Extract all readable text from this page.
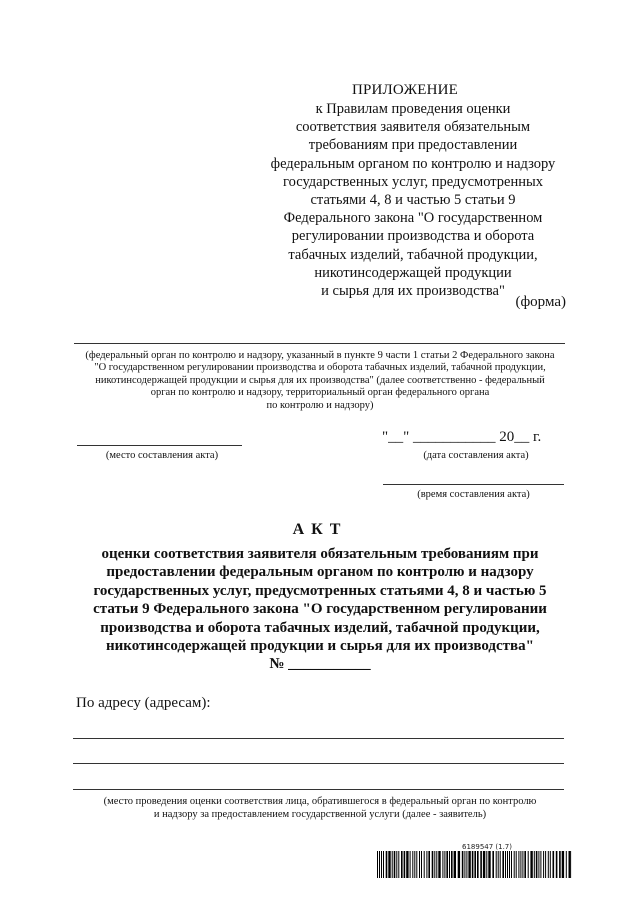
ПРИЛОЖЕНИЕ
к Правилам проведения оценки
соответствия заявителя обязательным
требованиям при предоставлении
федеральным органом по контролю и надзору
государственных услуг, предусмотренных
статьями 4, 8 и частью 5 статьи 9
Федерального закона "О государственном
регулировании производства и оборота
табачных изделий, табачной продукции,
никотинсодержащей продукции
и сырья для их производства"
(форма)
(федеральный орган по контролю и надзору, указанный в пункте 9 части 1 статьи 2 Федерального закона
"О государственном регулировании производства и оборота табачных изделий, табачной продукции,
никотинсодержащей продукции и сырья для их производства" (далее соответственно - федеральный
орган по контролю и надзору, территориальный орган федерального органа
по контролю и надзору)
(место составления акта)
"__" ___________ 20__ г.
(дата составления акта)
(время составления акта)
АКТ
оценки соответствия заявителя обязательным требованиям при
предоставлении федеральным органом по контролю и надзору
государственных услуг, предусмотренных статьями 4, 8 и частью 5
статьи 9 Федерального закона "О государственном регулировании
производства и оборота табачных изделий, табачной продукции,
никотинсодержащей продукции и сырья для их производства"
№ ___________
По адресу (адресам):
(место проведения оценки соответствия лица, обратившегося в федеральный орган по контролю
и надзору за предоставлением государственной услуги (далее - заявитель)
6189547 (1.7)
